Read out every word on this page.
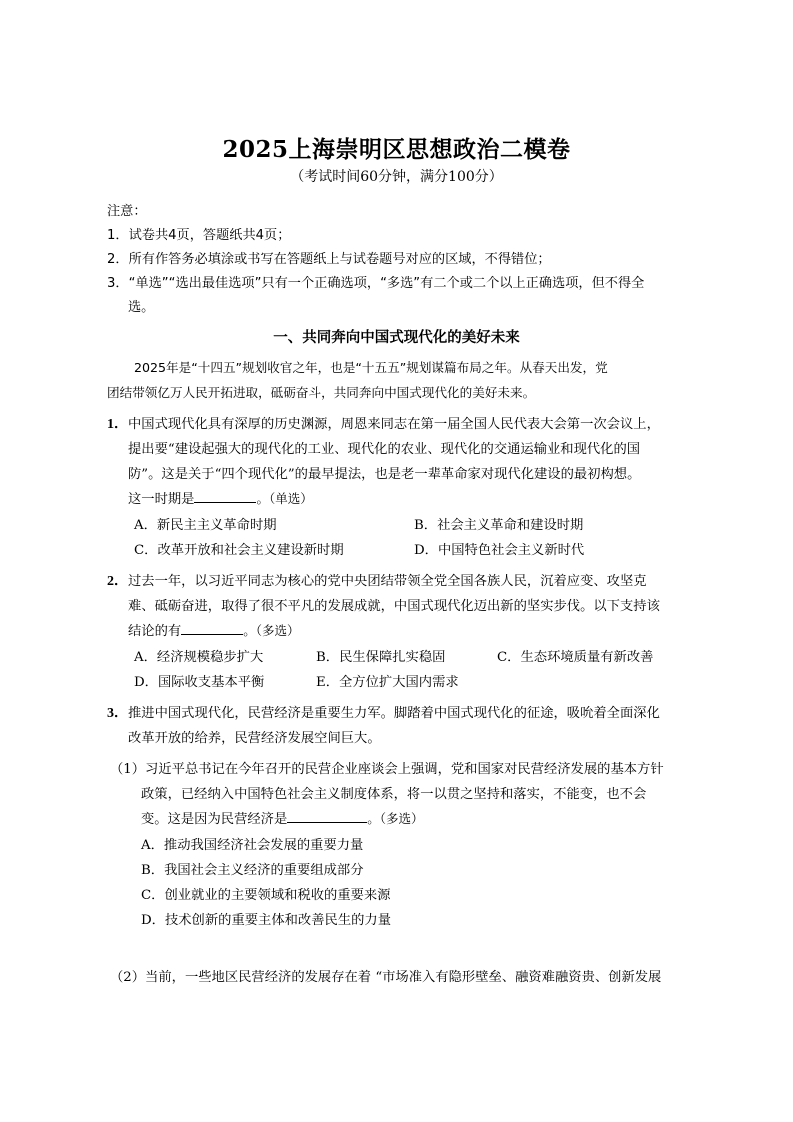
2025上海崇明区思想政治二模卷
（考试时间60分钟，满分100分）
注意：
1．试卷共4页，答题纸共4页；
2．所有作答务必填涂或书写在答题纸上与试卷题号对应的区域，不得错位；
3．“单选”“选出最佳选项”只有一个正确选项，“多选”有二个或二个以上正确选项，但不得全
选。
一、共同奔向中国式现代化的美好未来
2025年是“十四五”规划收官之年，也是“十五五”规划谋篇布局之年。从春天出发，党
团结带领亿万人民开拓进取，砥砺奋斗，共同奔向中国式现代化的美好未来。
1． 中国式现代化具有深厚的历史渊源，周恩来同志在第一届全国人民代表大会第一次会议上，
提出要“建设起强大的现代化的工业、现代化的农业、现代化的交通运输业和现代化的国
防”。这是关于“四个现代化”的最早提法，也是老一辈革命家对现代化建设的最初构想。
这一时期是	。（单选）
A．新民主主义革命时期	B．社会主义革命和建设时期
C．改革开放和社会主义建设新时期	D．中国特色社会主义新时代
2． 过去一年，以习近平同志为核心的党中央团结带领全党全国各族人民，沉着应变、攻坚克
难、砥砺奋进，取得了很不平凡的发展成就，中国式现代化迈出新的坚实步伐。以下支持该
结论的有	。（多选）
A．经济规模稳步扩大	B．民生保障扎实稳固	C．生态环境质量有新改善
D．国际收支基本平衡	E．全方位扩大国内需求
3． 推进中国式现代化，民营经济是重要生力军。脚踏着中国式现代化的征途，吸吮着全面深化
改革开放的给养，民营经济发展空间巨大。
（1）习近平总书记在今年召开的民营企业座谈会上强调，党和国家对民营经济发展的基本方针
政策，已经纳入中国特色社会主义制度体系，将一以贯之坚持和落实，不能变，也不会
变。这是因为民营经济是	。（多选）
A．推动我国经济社会发展的重要力量
B．我国社会主义经济的重要组成部分
C．创业就业的主要领域和税收的重要来源
D．技术创新的重要主体和改善民生的力量
（2）当前，一些地区民营经济的发展存在着 “市场准入有隐形壁垒、融资难融资贵、创新发展
